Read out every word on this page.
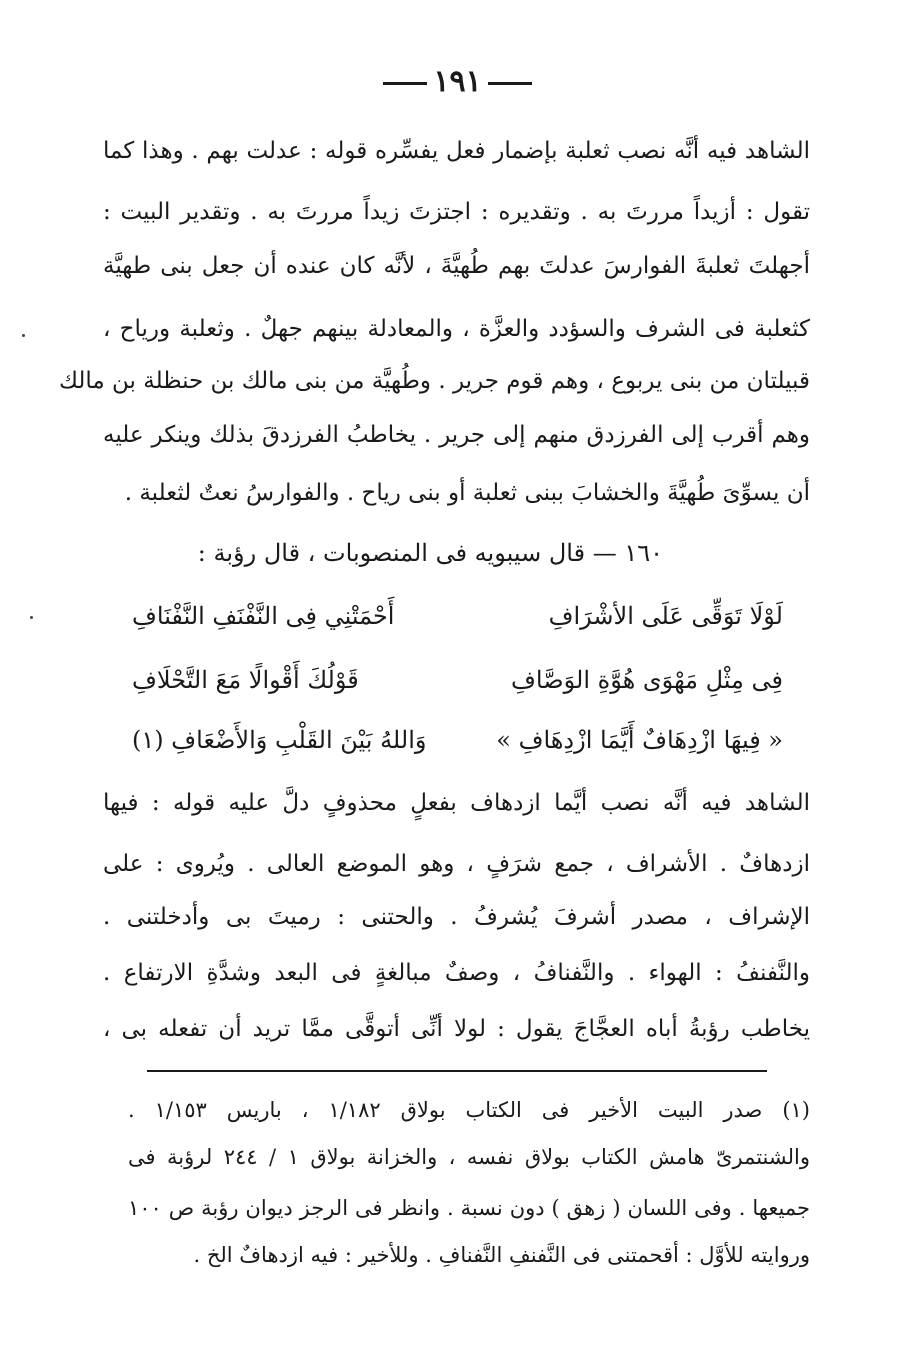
١٩١
الشاهد فيه أنَّه نصب ثعلبة بإضمار فعل يفسِّره قوله : عدلت بهم . وهذا كما
تقول : أزيداً مررتَ به . وتقديره : اجتزتَ زيداً مررتَ به . وتقدير البيت :
أجهلتَ ثعلبةَ الفوارسَ عدلتَ بهم طُهيَّةَ ، لأنَّه كان عنده أن جعل بنى طهيَّة
كثعلبة فى الشرف والسؤدد والعزَّة ، والمعادلة بينهم جهلٌ . وثعلبة ورياح ،
قبيلتان من بنى يربوع ، وهم قوم جرير . وطُهيَّة من بنى مالك بن حنظلة بن مالك
وهم أقرب إلى الفرزدق منهم إلى جرير . يخاطبُ الفرزدقَ بذلك وينكر عليه
أن يسوِّىَ طُهيَّةَ والخشابَ ببنى ثعلبة أو بنى رياح . والفوارسُ نعتٌ لثعلبة .
١٦٠ — قال سيبويه فى المنصوبات ، قال رؤبة :
لَوْلَا تَوَقِّى عَلَى الأشْرَافِ
أَحْمَتْنِي فِى النَّفْنَفِ النَّفْنَافِ
فِى مِثْلِ مَهْوَى هُوَّةِ الوَصَّافِ
قَوْلُكَ أَقْوالًا مَعَ التَّحْلَافِ
« فِيهَا ازْدِهَافٌ أَيَّمَا ازْدِهَافِ »
وَاللهُ بَيْنَ القَلْبِ وَالأَضْعَافِ (١)
الشاهد فيه أنَّه نصب أيَّما ازدهاف بفعلٍ محذوفٍ دلَّ عليه قوله : فيها
ازدهافٌ . الأشراف ، جمع شرَفٍ ، وهو الموضع العالى . ويُروى : على
الإشراف ، مصدر أشرفَ يُشرفُ . والحتنى : رميتَ بى وأدخلتنى .
والنَّفنفُ : الهواء . والنَّفنافُ ، وصفٌ مبالغةٍ فى البعد وشدَّةِ الارتفاع .
يخاطب رؤبةُ أباه العجَّاجَ يقول : لولا أنِّى أتوقَّى ممَّا تريد أن تفعله بى ،
(١) صدر البيت الأخير فى الكتاب بولاق ١/١٨٢ ، باريس ١/١٥٣ .
والشنتمرىّ هامش الكتاب بولاق نفسه ، والخزانة بولاق ١ / ٢٤٤ لرؤبة فى
جميعها . وفى اللسان ( زهق ) دون نسبة . وانظر فى الرجز ديوان رؤبة ص ١٠٠
وروايته للأوَّل : أقحمتنى فى النَّفنفِ النَّفنافِ . وللأخير : فيه ازدهافٌ الخ .
